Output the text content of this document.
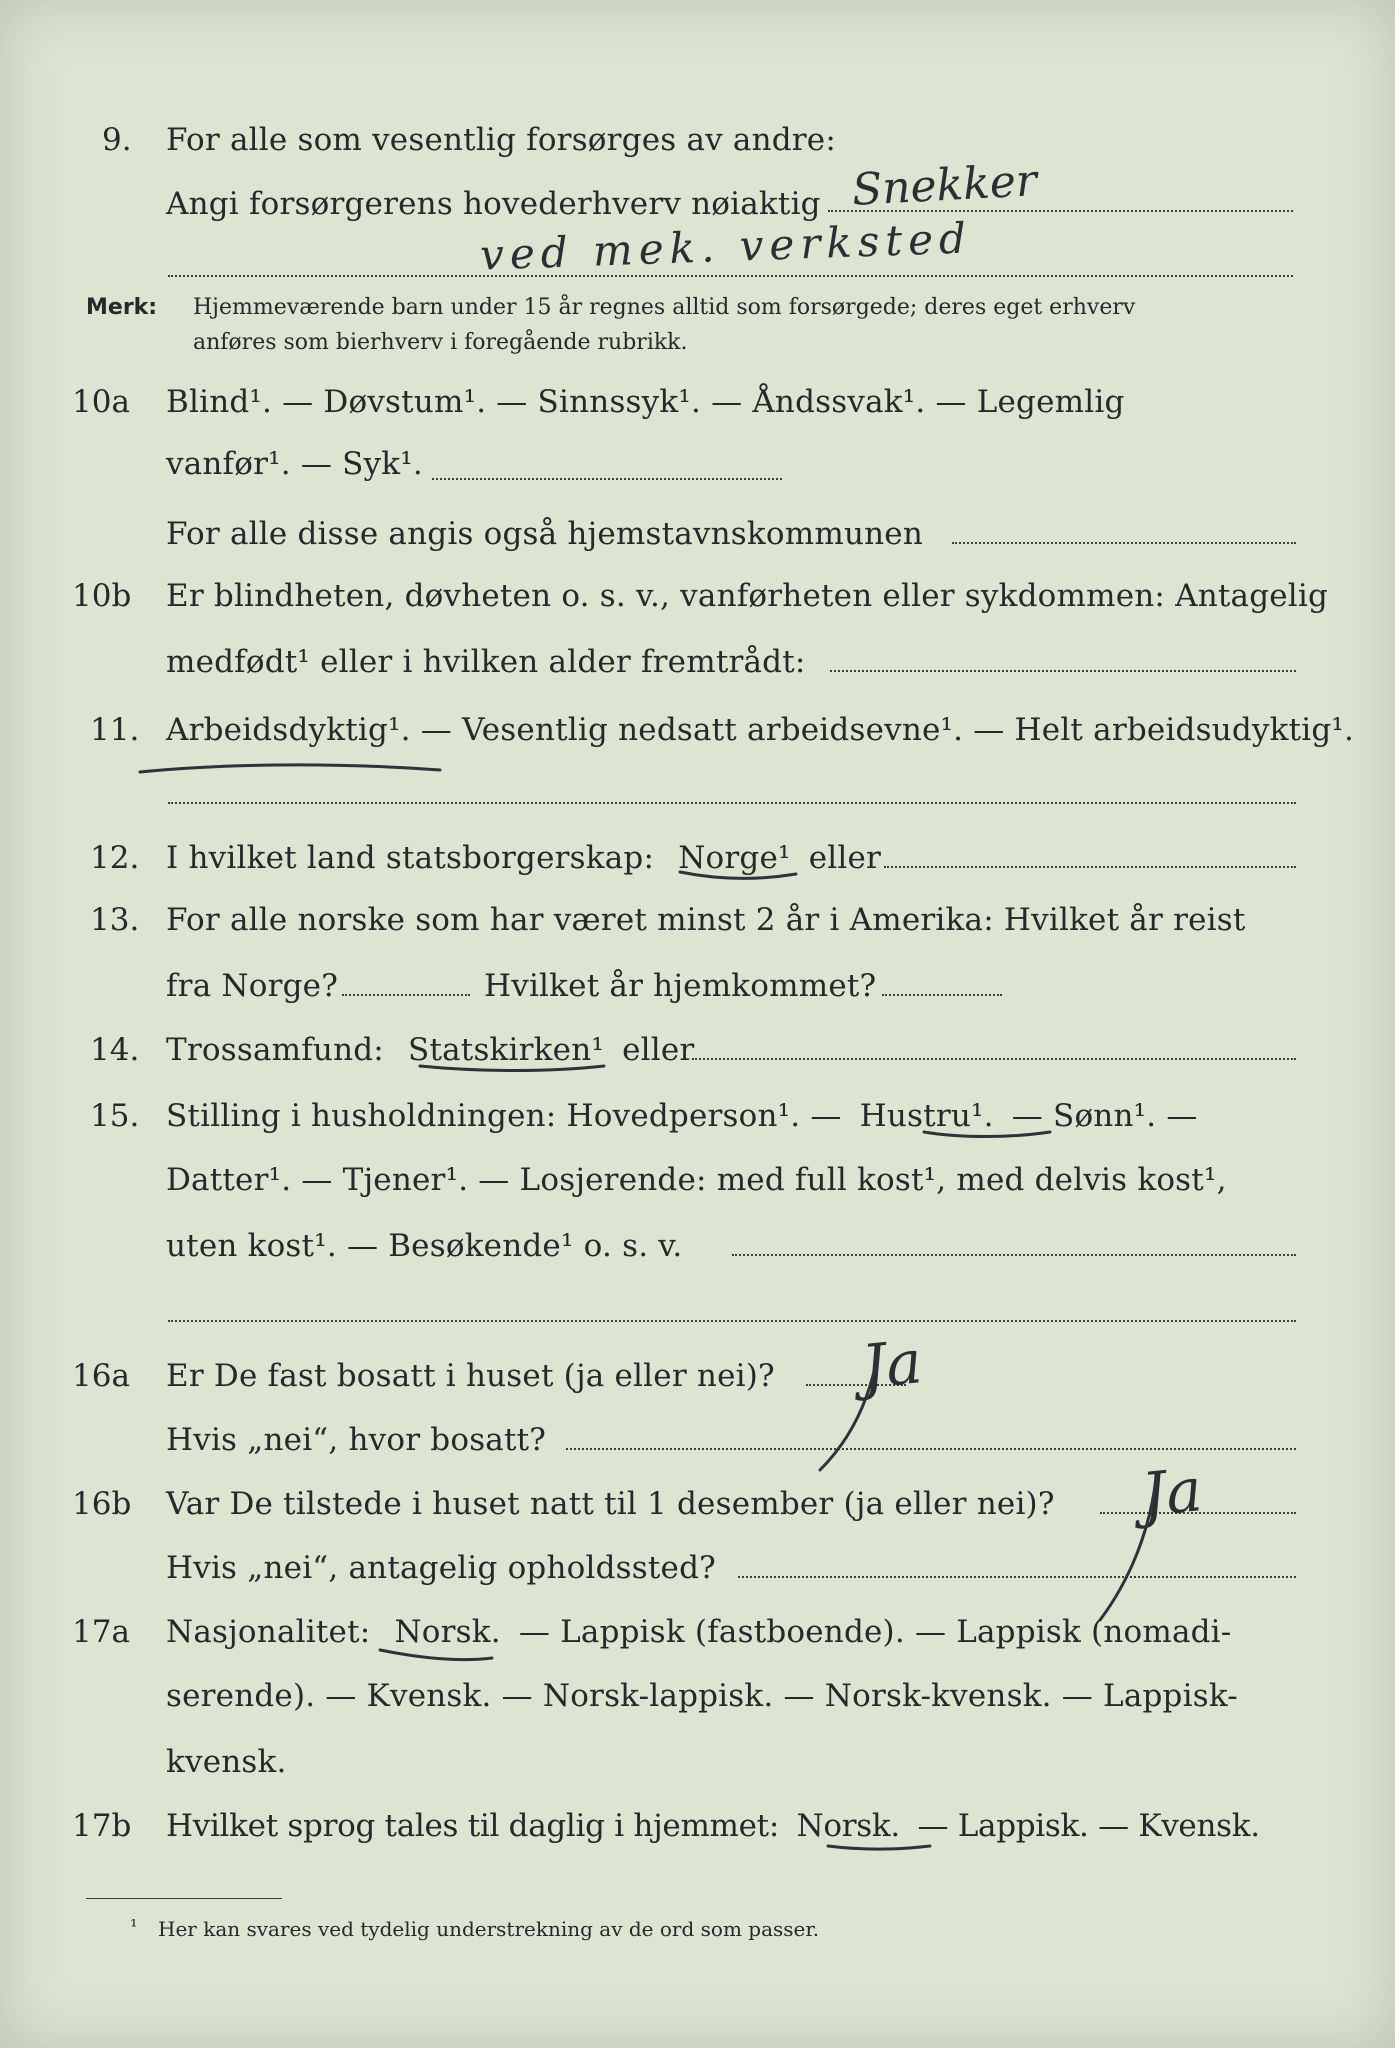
9. For alle som vesentlig forsørges av andre:
Angi forsørgerens hovederhverv nøiaktig Snekker
ved mek. verksted
Merk: Hjemmeværende barn under 15 år regnes alltid som forsørgede; deres eget erhverv
anføres som bierhverv i foregående rubrikk.
10a Blind¹. — Døvstum¹. — Sinnssyk¹. — Åndssvak¹. — Legemlig
vanfør¹. — Syk¹.
For alle disse angis også hjemstavnskommunen
10b Er blindheten, døvheten o. s. v., vanførheten eller sykdommen: Antagelig
medfødt¹ eller i hvilken alder fremtrådt:
11. Arbeidsdyktig¹. — Vesentlig nedsatt arbeidsevne¹. — Helt arbeidsudyktig¹.
12. I hvilket land statsborgerskap: Norge¹ eller
13. For alle norske som har været minst 2 år i Amerika: Hvilket år reist
fra Norge?	Hvilket år hjemkommet?
14. Trossamfund: Statskirken¹ eller
15. Stilling i husholdningen: Hovedperson¹. — Hustru¹. — Sønn¹. —
Datter¹. — Tjener¹. — Losjerende: med full kost¹, med delvis kost¹,
uten kost¹. — Besøkende¹ o. s. v.
16a Er De fast bosatt i huset (ja eller nei)? Ja
Hvis „nei“, hvor bosatt?
16b Var De tilstede i huset natt til 1 desember (ja eller nei)? Ja
Hvis „nei“, antagelig opholdssted?
17a Nasjonalitet: Norsk. — Lappisk (fastboende). — Lappisk (nomadi-
serende). — Kvensk. — Norsk-lappisk. — Norsk-kvensk. — Lappisk-
kvensk.
17b Hvilket sprog tales til daglig i hjemmet: Norsk. — Lappisk. — Kvensk.
¹ Her kan svares ved tydelig understrekning av de ord som passer.
